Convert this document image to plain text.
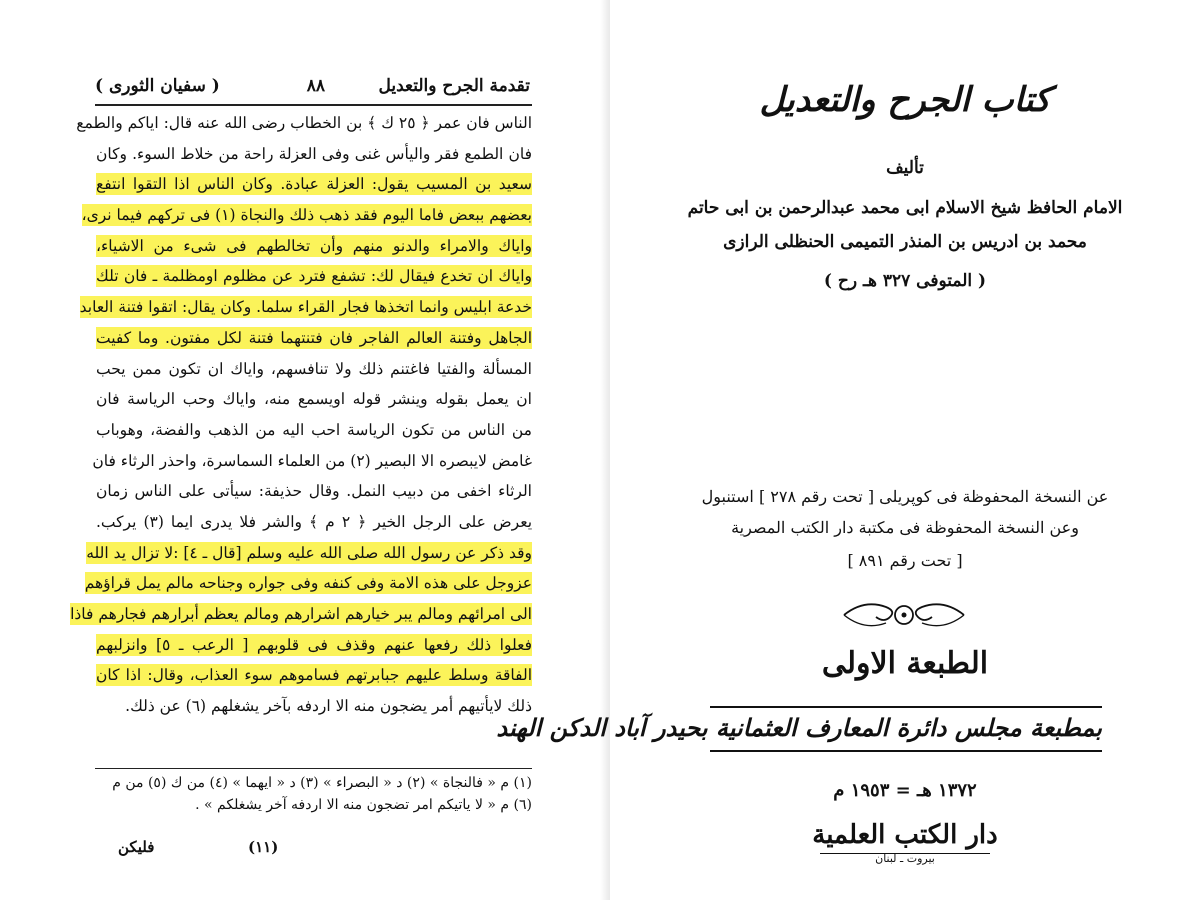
تقدمة الجرح والتعديل
٨٨
( سفيان الثورى )
الناس فان عمر ﴿ ٢٥ ك ﴾ بن الخطاب رضى الله عنه قال: اياكم والطمع
فان الطمع فقر واليأس غنى وفى العزلة راحة من خلاط السوء. وكان
سعيد بن المسيب يقول: العزلة عبادة. وكان الناس اذا التقوا انتفع
بعضهم ببعض فاما اليوم فقد ذهب ذلك والنجاة (١) فى تركهم فيما نرى،
واياك والامراء والدنو منهم وأن تخالطهم فى شىء من الاشياء،
واياك ان تخدع فيقال لك: تشفع فترد عن مظلوم اومظلمة ـ فان تلك
خدعة ابليس وانما اتخذها فجار القراء سلما. وكان يقال: اتقوا فتنة العابد
الجاهل وفتنة العالم الفاجر فان فتنتهما فتنة لكل مفتون. وما كفيت
المسألة والفتيا فاغتنم ذلك ولا تنافسهم، واياك ان تكون ممن يحب
ان يعمل بقوله وينشر قوله اويسمع منه، واياك وحب الرياسة فان
من الناس من تكون الرياسة احب اليه من الذهب والفضة، وهوباب
غامض لايبصره الا البصير (٢) من العلماء السماسرة، واحذر الرثاء فان
الرثاء اخفى من دبيب النمل. وقال حذيفة: سيأتى على الناس زمان
يعرض على الرجل الخير ﴿ ٢ م ﴾ والشر فلا يدرى ايما (٣) يركب.
وقد ذكر عن رسول الله صلى الله عليه وسلم [قال ـ ٤] :لا تزال يد الله
عزوجل على هذه الامة وفى كنفه وفى جواره وجناحه مالم يمل قراؤهم
الى امرائهم ومالم يبر خيارهم اشرارهم ومالم يعظم أبرارهم فجارهم فاذا
فعلوا ذلك رفعها عنهم وقذف فى قلوبهم [ الرعب ـ ٥] وانزلبهم
الفاقة وسلط عليهم جبابرتهم فساموهم سوء العذاب، وقال: اذا كان
ذلك لايأتيهم أمر يضجون منه الا اردفه بآخر يشغلهم (٦) عن ذلك.
(١) م « فالنجاة » (٢) د « البصراء » (٣) د « ايهما » (٤) من ك (٥) من م
(٦) م « لا ياتيكم امر تضجون منه الا اردفه آخر يشغلكم » .
فليكن	(١١)
كتاب الجرح والتعديل
تأليف
الامام الحافظ شيخ الاسلام ابى محمد عبدالرحمن بن ابى حاتم
محمد بن ادريس بن المنذر التميمى الحنظلى الرازى
( المتوفى ٣٢٧ هـ رح )
عن النسخة المحفوظة فى كوپريلى [ تحت رقم ٢٧٨ ] استنبول
وعن النسخة المحفوظة فى مكتبة دار الكتب المصرية
[ تحت رقم ٨٩١ ]
الطبعة الاولى
بمطبعة مجلس دائرة المعارف العثمانية بحيدر آباد الدكن الهند
١٣٧٢ هـ = ١٩٥٣ م
دار الكتب العلمية
بيروت ـ لبنان
